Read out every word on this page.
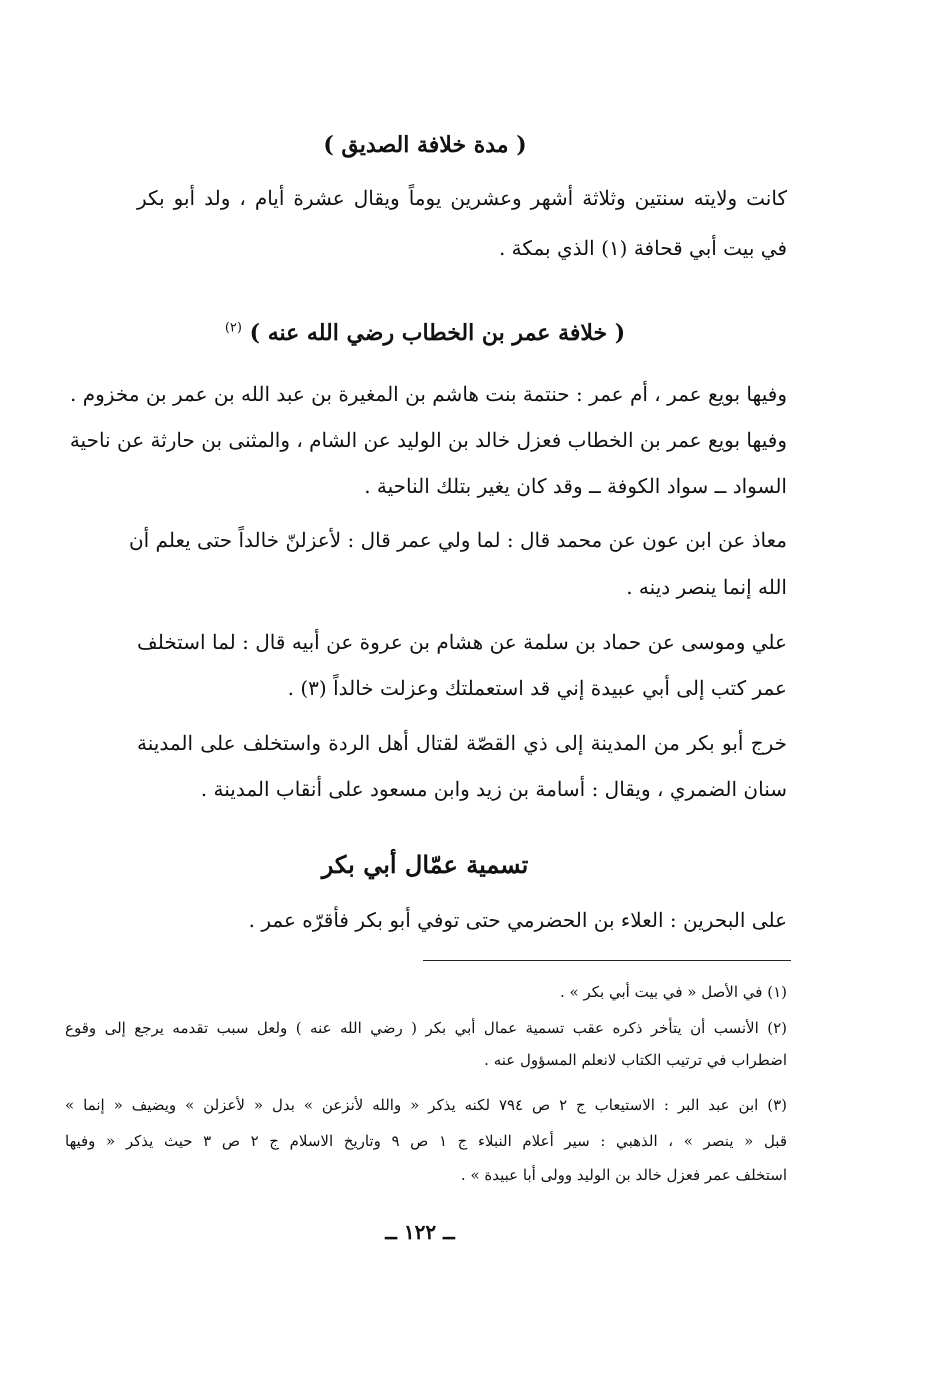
( مدة خلافة الصديق )
كانت ولايته سنتين وثلاثة أشهر وعشرين يوماً ويقال عشرة أيام ، ولد أبو بكر
في بيت أبي قحافة (١) الذي بمكة .
( خلافة عمر بن الخطاب رضي الله عنه ) $^{(٢)}$
وفيها بويع عمر ، أم عمر : حنتمة بنت هاشم بن المغيرة بن عبد الله بن عمر بن مخزوم .
وفيها بويع عمر بن الخطاب فعزل خالد بن الوليد عن الشام ، والمثنى بن حارثة عن ناحية
السواد ــ سواد الكوفة ــ وقد كان يغير بتلك الناحية .
معاذ عن ابن عون عن محمد قال : لما ولي عمر قال : لأعزلنّ خالداً حتى يعلم أن
الله إنما ينصر دينه .
علي وموسى عن حماد بن سلمة عن هشام بن عروة عن أبيه قال : لما استخلف
عمر كتب إلى أبي عبيدة إني قد استعملتك وعزلت خالداً (٣) .
خرج أبو بكر من المدينة إلى ذي القصّة لقتال أهل الردة واستخلف على المدينة
سنان الضمري ، ويقال : أسامة بن زيد وابن مسعود على أنقاب المدينة .
تسمية عمّال أبي بكر
على البحرين : العلاء بن الحضرمي حتى توفي أبو بكر فأقرّه عمر .
(١) في الأصل « في بيت أبي بكر » .
(٢) الأنسب أن يتأخر ذكره عقب تسمية عمال أبي بكر ( رضي الله عنه ) ولعل سبب تقدمه يرجع إلى وقوع
اضطراب في ترتيب الكتاب لانعلم المسؤول عنه .
(٣) ابن عبد البر : الاستيعاب ج ٢ ص ٧٩٤ لكنه يذكر « والله لأنزعن » بدل « لأعزلن » ويضيف « إنما »
قبل « ينصر » ، الذهبي : سير أعلام النبلاء ج ١ ص ٩ وتاريخ الاسلام ج ٢ ص ٣ حيث يذكر « وفيها
استخلف عمر فعزل خالد بن الوليد وولى أبا عبيدة » .
ــ ١٢٢ ــ
